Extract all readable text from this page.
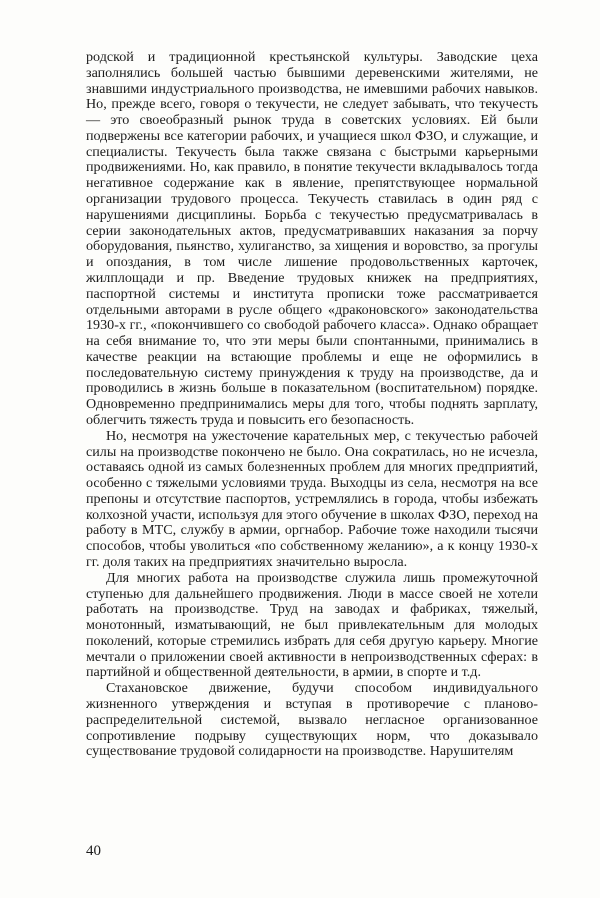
родской и традиционной крестьянской культуры. Заводские цеха заполнялись большей частью бывшими деревенскими жителями, не знавшими индустриального производства, не имевшими рабочих навыков. Но, прежде всего, говоря о текучести, не следует забывать, что текучесть — это своеобразный рынок труда в советских условиях. Ей были подвержены все категории рабочих, и учащиеся школ ФЗО, и служащие, и специалисты. Текучесть была также связана с быстрыми карьерными продвижениями. Но, как правило, в понятие текучести вкладывалось тогда негативное содержание как в явление, препятствующее нормальной организации трудового процесса. Текучесть ставилась в один ряд с нарушениями дисциплины. Борьба с текучестью предусматривалась в серии законодательных актов, предусматривавших наказания за порчу оборудования, пьянство, хулиганство, за хищения и воровство, за прогулы и опоздания, в том числе лишение продовольственных карточек, жилплощади и пр. Введение трудовых книжек на предприятиях, паспортной системы и института прописки тоже рассматривается отдельными авторами в русле общего «драконовского» законодательства 1930-х гг., «покончившего со свободой рабочего класса». Однако обращает на себя внимание то, что эти меры были спонтанными, принимались в качестве реакции на встающие проблемы и еще не оформились в последовательную систему принуждения к труду на производстве, да и проводились в жизнь больше в показательном (воспитательном) порядке. Одновременно предпринимались меры для того, чтобы поднять зарплату, облегчить тяжесть труда и повысить его безопасность.

Но, несмотря на ужесточение карательных мер, с текучестью рабочей силы на производстве покончено не было. Она сократилась, но не исчезла, оставаясь одной из самых болезненных проблем для многих предприятий, особенно с тяжелыми условиями труда. Выходцы из села, несмотря на все препоны и отсутствие паспортов, устремлялись в города, чтобы избежать колхозной участи, используя для этого обучение в школах ФЗО, переход на работу в МТС, службу в армии, оргнабор. Рабочие тоже находили тысячи способов, чтобы уволиться «по собственному желанию», а к концу 1930-х гг. доля таких на предприятиях значительно выросла.

Для многих работа на производстве служила лишь промежуточной ступенью для дальнейшего продвижения. Люди в массе своей не хотели работать на производстве. Труд на заводах и фабриках, тяжелый, монотонный, изматывающий, не был привлекательным для молодых поколений, которые стремились избрать для себя другую карьеру. Многие мечтали о приложении своей активности в непроизводственных сферах: в партийной и общественной деятельности, в армии, в спорте и т.д.

Стахановское движение, будучи способом индивидуального жизненного утверждения и вступая в противоречие с планово-распределительной системой, вызвало негласное организованное сопротивление подрыву существующих норм, что доказывало существование трудовой солидарности на производстве. Нарушителям

40
